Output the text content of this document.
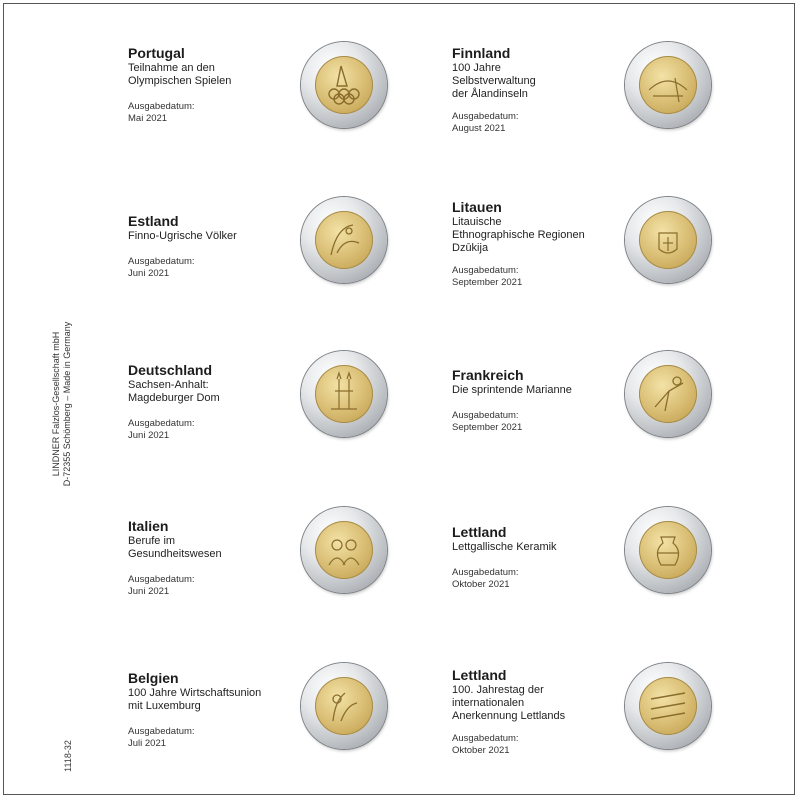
LINDNER Falzlos-Gesellschaft mbH D-72355 Schömberg – Made in Germany
1118-32
Portugal
Teilnahme an den
Olympischen Spielen
Ausgabedatum:
Mai 2021
Finnland
100 Jahre
Selbstverwaltung
der Ålandinseln
Ausgabedatum:
August 2021
Estland
Finno-Ugrische Völker
Ausgabedatum:
Juni 2021
Litauen
Litauische
Ethnographische Regionen
Dzūkija
Ausgabedatum:
September 2021
Deutschland
Sachsen-Anhalt:
Magdeburger Dom
Ausgabedatum:
Juni 2021
Frankreich
Die sprintende Marianne
Ausgabedatum:
September 2021
Italien
Berufe im
Gesundheitswesen
Ausgabedatum:
Juni 2021
Lettland
Lettgallische Keramik
Ausgabedatum:
Oktober 2021
Belgien
100 Jahre Wirtschaftsunion
mit Luxemburg
Ausgabedatum:
Juli 2021
Lettland
100. Jahrestag der
internationalen
Anerkennung Lettlands
Ausgabedatum:
Oktober 2021
